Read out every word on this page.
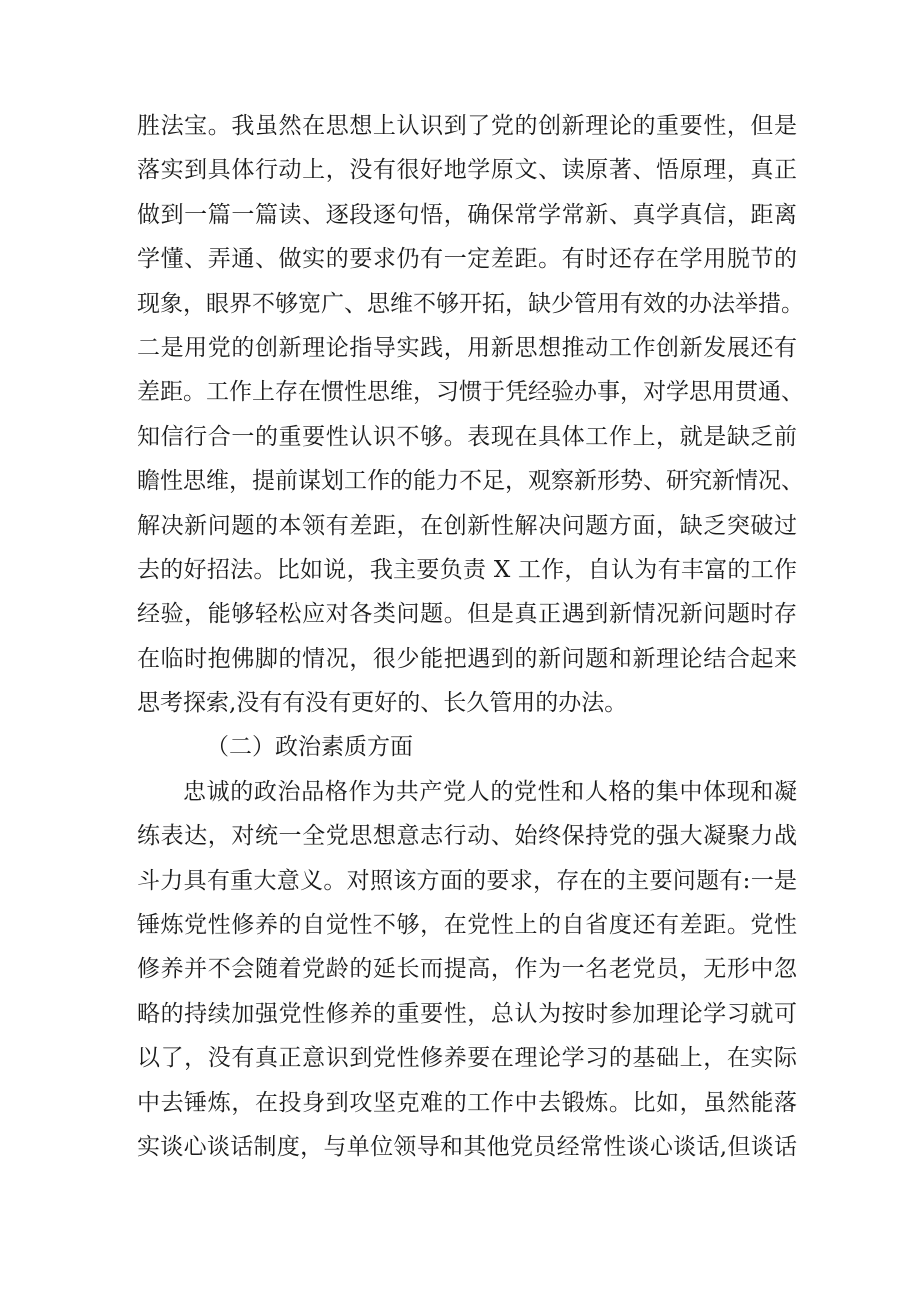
胜法宝。我虽然在思想上认识到了党的创新理论的重要性，但是
落实到具体行动上，没有很好地学原文、读原著、悟原理，真正
做到一篇一篇读、逐段逐句悟，确保常学常新、真学真信，距离
学懂、弄通、做实的要求仍有一定差距。有时还存在学用脱节的
现象，眼界不够宽广、思维不够开拓，缺少管用有效的办法举措。
二是用党的创新理论指导实践，用新思想推动工作创新发展还有
差距。工作上存在惯性思维，习惯于凭经验办事，对学思用贯通、
知信行合一的重要性认识不够。表现在具体工作上，就是缺乏前
瞻性思维，提前谋划工作的能力不足，观察新形势、研究新情况、
解决新问题的本领有差距，在创新性解决问题方面，缺乏突破过
去的好招法。比如说，我主要负责 X 工作，自认为有丰富的工作
经验，能够轻松应对各类问题。但是真正遇到新情况新问题时存
在临时抱佛脚的情况，很少能把遇到的新问题和新理论结合起来
思考探索,没有有没有更好的、长久管用的办法。
（二）政治素质方面
忠诚的政治品格作为共产党人的党性和人格的集中体现和凝
练表达，对统一全党思想意志行动、始终保持党的强大凝聚力战
斗力具有重大意义。对照该方面的要求，存在的主要问题有:一是
锤炼党性修养的自觉性不够，在党性上的自省度还有差距。党性
修养并不会随着党龄的延长而提高，作为一名老党员，无形中忽
略的持续加强党性修养的重要性，总认为按时参加理论学习就可
以了，没有真正意识到党性修养要在理论学习的基础上，在实际
中去锤炼，在投身到攻坚克难的工作中去锻炼。比如，虽然能落
实谈心谈话制度，与单位领导和其他党员经常性谈心谈话,但谈话
